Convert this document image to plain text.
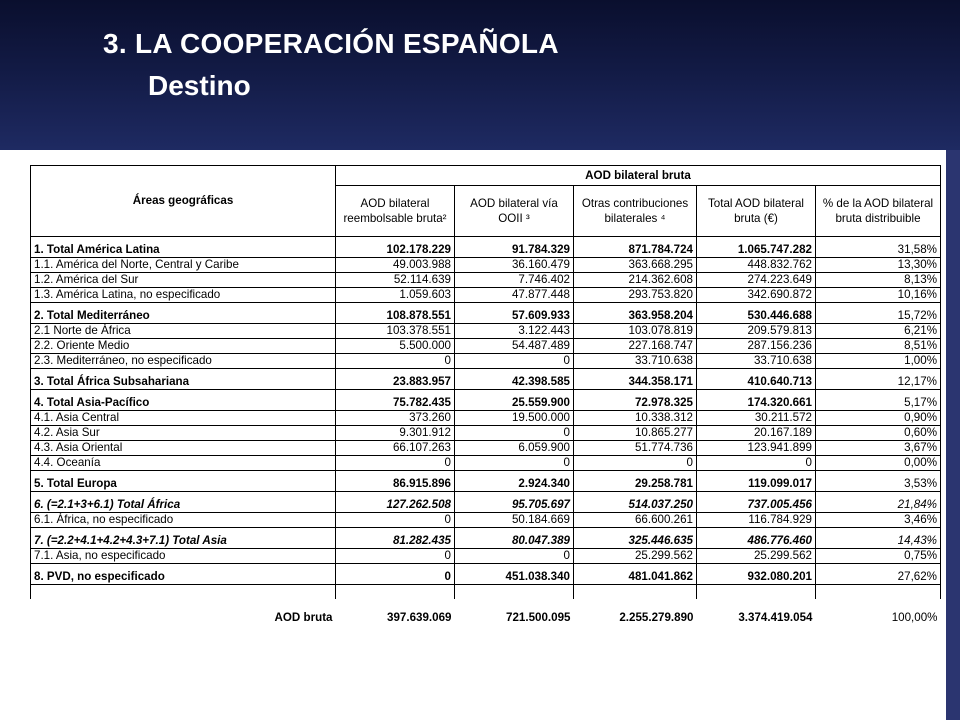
3. LA COOPERACIÓN ESPAÑOLA
Destino
Áreas geográficas	AOD bilateral bruta				
	AOD bilateral reembolsable bruta²	AOD bilateral vía OOII ³	Otras contribuciones bilaterales ⁴	Total AOD bilateral bruta (€)	% de la AOD bilateral bruta distribuible
1. Total América Latina	102.178.229	91.784.329	871.784.724	1.065.747.282	31,58%
1.1. América del Norte, Central y Caribe	49.003.988	36.160.479	363.668.295	448.832.762	13,30%
1.2. América del Sur	52.114.639	7.746.402	214.362.608	274.223.649	8,13%
1.3. América Latina, no especificado	1.059.603	47.877.448	293.753.820	342.690.872	10,16%
2. Total Mediterráneo	108.878.551	57.609.933	363.958.204	530.446.688	15,72%
2.1 Norte de África	103.378.551	3.122.443	103.078.819	209.579.813	6,21%
2.2. Oriente Medio	5.500.000	54.487.489	227.168.747	287.156.236	8,51%
2.3. Mediterráneo, no especificado	0	0	33.710.638	33.710.638	1,00%
3. Total África Subsahariana	23.883.957	42.398.585	344.358.171	410.640.713	12,17%
4. Total Asia-Pacífico	75.782.435	25.559.900	72.978.325	174.320.661	5,17%
4.1. Asia Central	373.260	19.500.000	10.338.312	30.211.572	0,90%
4.2. Asia Sur	9.301.912	0	10.865.277	20.167.189	0,60%
4.3. Asia Oriental	66.107.263	6.059.900	51.774.736	123.941.899	3,67%
4.4. Oceanía	0	0	0	0	0,00%
5. Total Europa	86.915.896	2.924.340	29.258.781	119.099.017	3,53%
6. (=2.1+3+6.1) Total África	127.262.508	95.705.697	514.037.250	737.005.456	21,84%
6.1. África, no especificado	0	50.184.669	66.600.261	116.784.929	3,46%
7. (=2.2+4.1+4.2+4.3+7.1) Total Asia	81.282.435	80.047.389	325.446.635	486.776.460	14,43%
7.1. Asia, no especificado	0	0	25.299.562	25.299.562	0,75%
8. PVD, no especificado	0	451.038.340	481.041.862	932.080.201	27,62%

AOD bruta	397.639.069	721.500.095	2.255.279.890	3.374.419.054	100,00%
